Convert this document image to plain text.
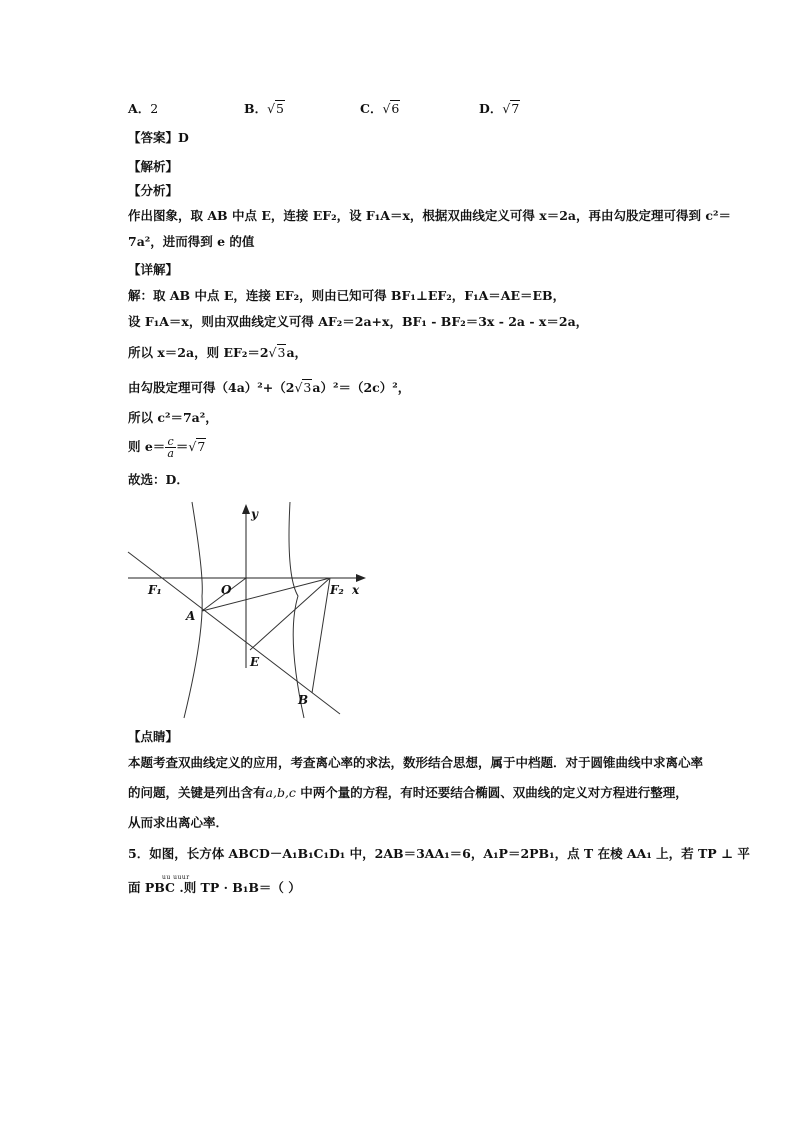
A．2	B．√5	C．√6	D．√7
【答案】D
【解析】
【分析】
作出图象，取 AB 中点 E，连接 EF₂，设 F₁A＝x，根据双曲线定义可得 x＝2a，再由勾股定理可得到 c²＝
7a²，进而得到 e 的值
【详解】
解：取 AB 中点 E，连接 EF₂，则由已知可得 BF₁⊥EF₂，F₁A＝AE＝EB，
设 F₁A＝x，则由双曲线定义可得 AF₂＝2a+x，BF₁ - BF₂＝3x - 2a - x＝2a，
所以 x＝2a，则 EF₂＝2√3a，
由勾股定理可得（4a）²+（2√3a）²＝（2c）²，
所以 c²＝7a²，
则 $e= \frac{c}{a} =√7$
故选：D．
y
x
O
F₁	F₂
A
E
B
【点睛】
本题考查双曲线定义的应用，考查离心率的求法，数形结合思想，属于中档题．对于圆锥曲线中求离心率
的问题，关键是列出含有a,b,c 中两个量的方程，有时还要结合椭圆、双曲线的定义对方程进行整理，
从而求出离心率．
5．如图，长方体 ABCD－A₁B₁C₁D₁ 中，2AB＝3AA₁＝6，A₁P＝2PB₁，点 T 在棱 AA₁ 上，若 TP ⊥ 平
uu uuur
面 PBC .则 TP · B₁B＝（ ）
